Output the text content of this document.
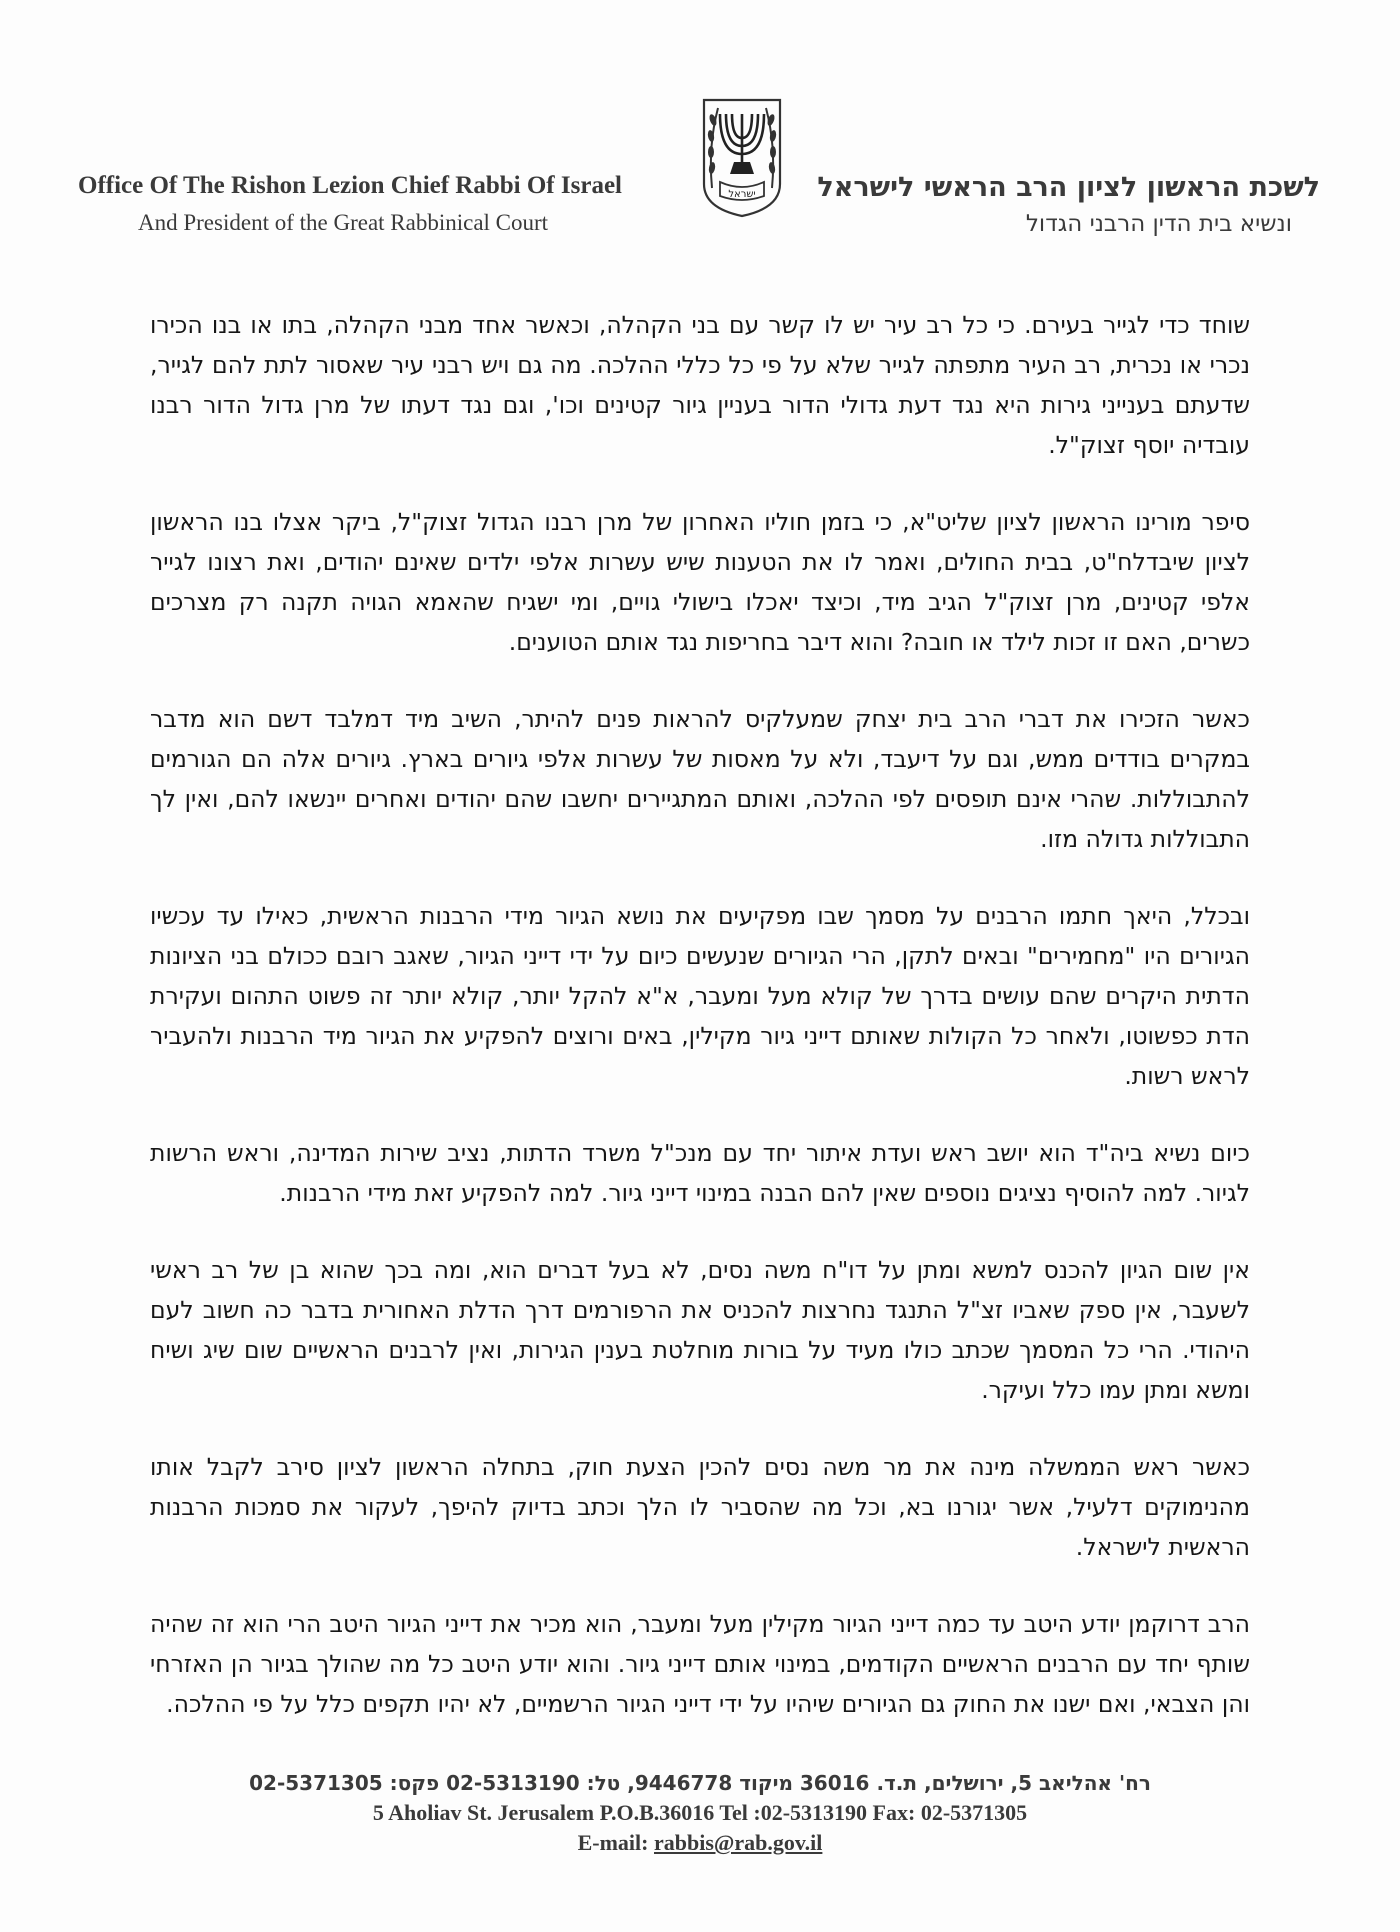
Office Of The Rishon Lezion Chief Rabbi Of Israel
And President of the Great Rabbinical Court
ישראל	לשכת הראשון לציון הרב הראשי לישראל
ונשיא בית הדין הרבני הגדול

שוחד כדי לגייר בעירם. כי כל רב עיר יש לו קשר עם בני הקהלה, וכאשר אחד מבני הקהלה, בתו או בנו הכירו נכרי או נכרית, רב העיר מתפתה לגייר שלא על פי כל כללי ההלכה. מה גם ויש רבני עיר שאסור לתת להם לגייר, שדעתם בענייני גירות היא נגד דעת גדולי הדור בעניין גיור קטינים וכו', וגם נגד דעתו של מרן גדול הדור רבנו עובדיה יוסף זצוק"ל.

סיפר מורינו הראשון לציון שליט"א, כי בזמן חוליו האחרון של מרן רבנו הגדול זצוק"ל, ביקר אצלו בנו הראשון לציון שיבדלח"ט, בבית החולים, ואמר לו את הטענות שיש עשרות אלפי ילדים שאינם יהודים, ואת רצונו לגייר אלפי קטינים, מרן זצוק"ל הגיב מיד, וכיצד יאכלו בישולי גויים, ומי ישגיח שהאמא הגויה תקנה רק מצרכים כשרים, האם זו זכות לילד או חובה? והוא דיבר בחריפות נגד אותם הטוענים.

כאשר הזכירו את דברי הרב בית יצחק שמעלקיס להראות פנים להיתר, השיב מיד דמלבד דשם הוא מדבר במקרים בודדים ממש, וגם על דיעבד, ולא על מאסות של עשרות אלפי גיורים בארץ. גיורים אלה הם הגורמים להתבוללות. שהרי אינם תופסים לפי ההלכה, ואותם המתגיירים יחשבו שהם יהודים ואחרים יינשאו להם, ואין לך התבוללות גדולה מזו.

ובכלל, היאך חתמו הרבנים על מסמך שבו מפקיעים את נושא הגיור מידי הרבנות הראשית, כאילו עד עכשיו הגיורים היו "מחמירים" ובאים לתקן, הרי הגיורים שנעשים כיום על ידי דייני הגיור, שאגב רובם ככולם בני הציונות הדתית היקרים שהם עושים בדרך של קולא מעל ומעבר, א"א להקל יותר, קולא יותר זה פשוט התהום ועקירת הדת כפשוטו, ולאחר כל הקולות שאותם דייני גיור מקילין, באים ורוצים להפקיע את הגיור מיד הרבנות ולהעביר לראש רשות.

כיום נשיא ביה"ד הוא יושב ראש ועדת איתור יחד עם מנכ"ל משרד הדתות, נציב שירות המדינה, וראש הרשות לגיור. למה להוסיף נציגים נוספים שאין להם הבנה במינוי דייני גיור. למה להפקיע זאת מידי הרבנות.

אין שום הגיון להכנס למשא ומתן על דו"ח משה נסים, לא בעל דברים הוא, ומה בכך שהוא בן של רב ראשי לשעבר, אין ספק שאביו זצ"ל התנגד נחרצות להכניס את הרפורמים דרך הדלת האחורית בדבר כה חשוב לעם היהודי. הרי כל המסמך שכתב כולו מעיד על בורות מוחלטת בענין הגירות, ואין לרבנים הראשיים שום שיג ושיח ומשא ומתן עמו כלל ועיקר.

כאשר ראש הממשלה מינה את מר משה נסים להכין הצעת חוק, בתחלה הראשון לציון סירב לקבל אותו מהנימוקים דלעיל, אשר יגורנו בא, וכל מה שהסביר לו הלך וכתב בדיוק להיפך, לעקור את סמכות הרבנות הראשית לישראל.

הרב דרוקמן יודע היטב עד כמה דייני הגיור מקילין מעל ומעבר, הוא מכיר את דייני הגיור היטב הרי הוא זה שהיה שותף יחד עם הרבנים הראשיים הקודמים, במינוי אותם דייני גיור. והוא יודע היטב כל מה שהולך בגיור הן האזרחי והן הצבאי, ואם ישנו את החוק גם הגיורים שיהיו על ידי דייני הגיור הרשמיים, לא יהיו תקפים כלל על פי ההלכה.

רח' אהליאב 5, ירושלים, ת.ד. 36016 מיקוד 9446778, טל: 02-5313190 פקס: 02-5371305
5 Aholiav St. Jerusalem P.O.B.36016 Tel :02-5313190 Fax: 02-5371305
E-mail: rabbis@rab.gov.il
